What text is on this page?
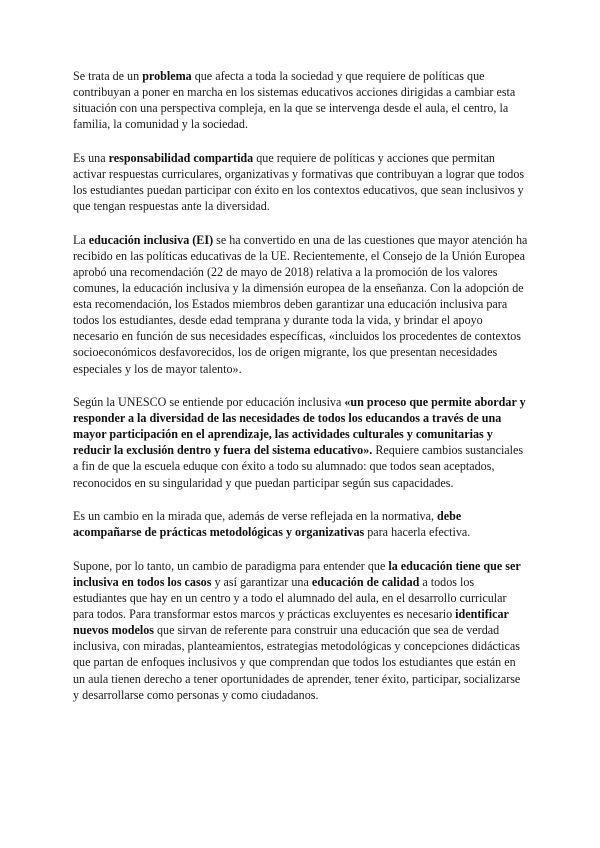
Se trata de un problema que afecta a toda la sociedad y que requiere de políticas que contribuyan a poner en marcha en los sistemas educativos acciones dirigidas a cambiar esta situación con una perspectiva compleja, en la que se intervenga desde el aula, el centro, la familia, la comunidad y la sociedad.

Es una responsabilidad compartida que requiere de políticas y acciones que permitan activar respuestas curriculares, organizativas y formativas que contribuyan a lograr que todos los estudiantes puedan participar con éxito en los contextos educativos, que sean inclusivos y que tengan respuestas ante la diversidad.

La educación inclusiva (EI) se ha convertido en una de las cuestiones que mayor atención ha recibido en las políticas educativas de la UE. Recientemente, el Consejo de la Unión Europea aprobó una recomendación (22 de mayo de 2018) relativa a la promoción de los valores comunes, la educación inclusiva y la dimensión europea de la enseñanza. Con la adopción de esta recomendación, los Estados miembros deben garantizar una educación inclusiva para todos los estudiantes, desde edad temprana y durante toda la vida, y brindar el apoyo necesario en función de sus necesidades específicas, «incluidos los procedentes de contextos socioeconómicos desfavorecidos, los de origen migrante, los que presentan necesidades especiales y los de mayor talento».

Según la UNESCO se entiende por educación inclusiva «un proceso que permite abordar y responder a la diversidad de las necesidades de todos los educandos a través de una mayor participación en el aprendizaje, las actividades culturales y comunitarias y reducir la exclusión dentro y fuera del sistema educativo». Requiere cambios sustanciales a fin de que la escuela eduque con éxito a todo su alumnado: que todos sean aceptados, reconocidos en su singularidad y que puedan participar según sus capacidades.

Es un cambio en la mirada que, además de verse reflejada en la normativa, debe acompañarse de prácticas metodológicas y organizativas para hacerla efectiva.

Supone, por lo tanto, un cambio de paradigma para entender que la educación tiene que ser inclusiva en todos los casos y así garantizar una educación de calidad a todos los estudiantes que hay en un centro y a todo el alumnado del aula, en el desarrollo curricular para todos. Para transformar estos marcos y prácticas excluyentes es necesario identificar nuevos modelos que sirvan de referente para construir una educación que sea de verdad inclusiva, con miradas, planteamientos, estrategias metodológicas y concepciones didácticas que partan de enfoques inclusivos y que comprendan que todos los estudiantes que están en un aula tienen derecho a tener oportunidades de aprender, tener éxito, participar, socializarse y desarrollarse como personas y como ciudadanos.
